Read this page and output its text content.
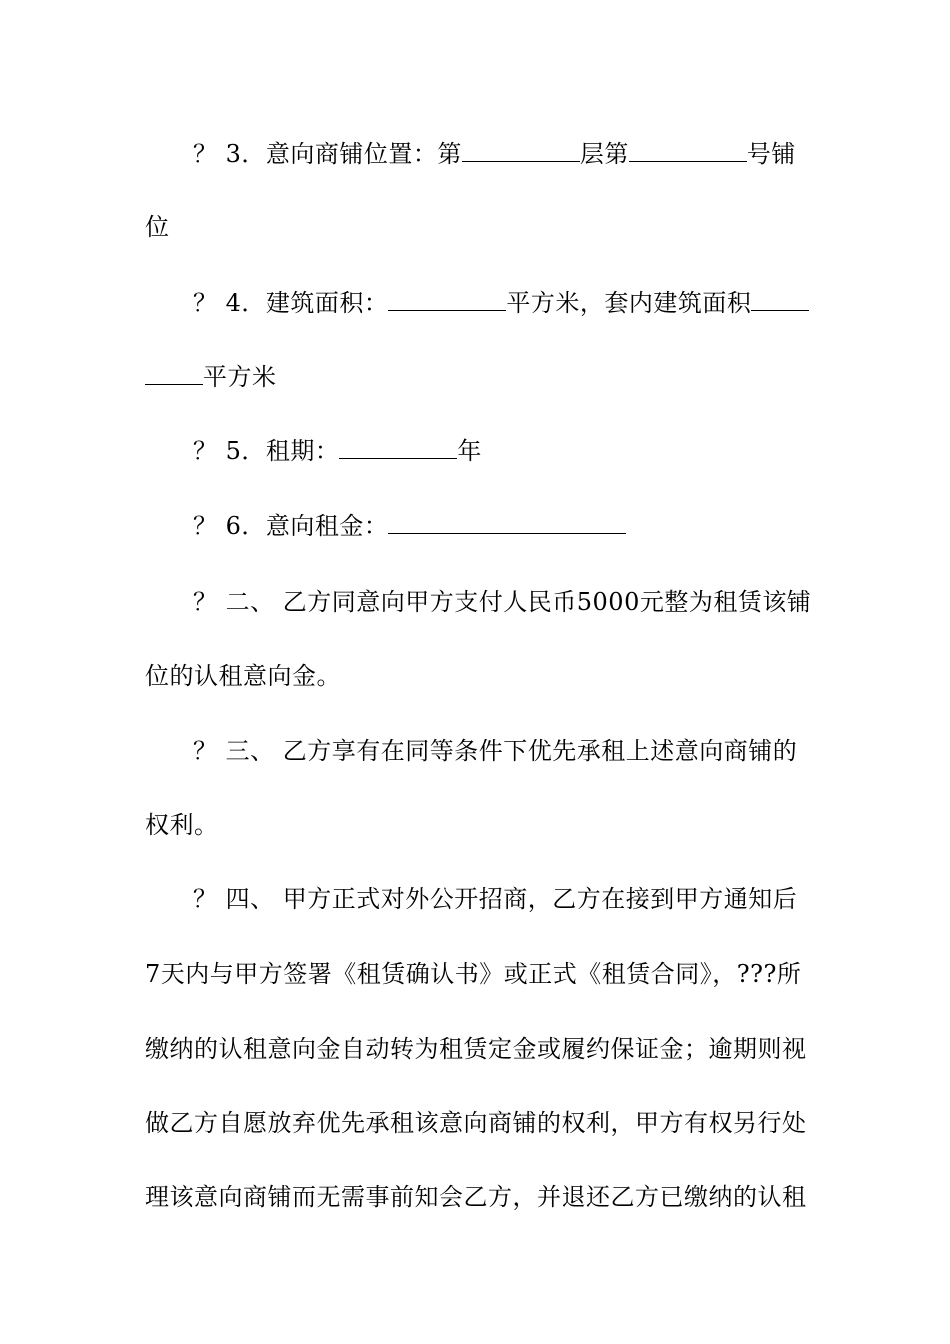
？ 3．意向商铺位置：第	层第	号铺
位
？ 4．建筑面积：	平方米，套内建筑面积
平方米
？ 5．租期：	年
？ 6．意向租金：
？ 二、 乙方同意向甲方支付人民币5000元整为租赁该铺
位的认租意向金。
？ 三、 乙方享有在同等条件下优先承租上述意向商铺的
权利。
？ 四、 甲方正式对外公开招商，乙方在接到甲方通知后
7天内与甲方签署《租赁确认书》或正式《租赁合同》，???所
缴纳的认租意向金自动转为租赁定金或履约保证金；逾期则视
做乙方自愿放弃优先承租该意向商铺的权利，甲方有权另行处
理该意向商铺而无需事前知会乙方，并退还乙方已缴纳的认租
